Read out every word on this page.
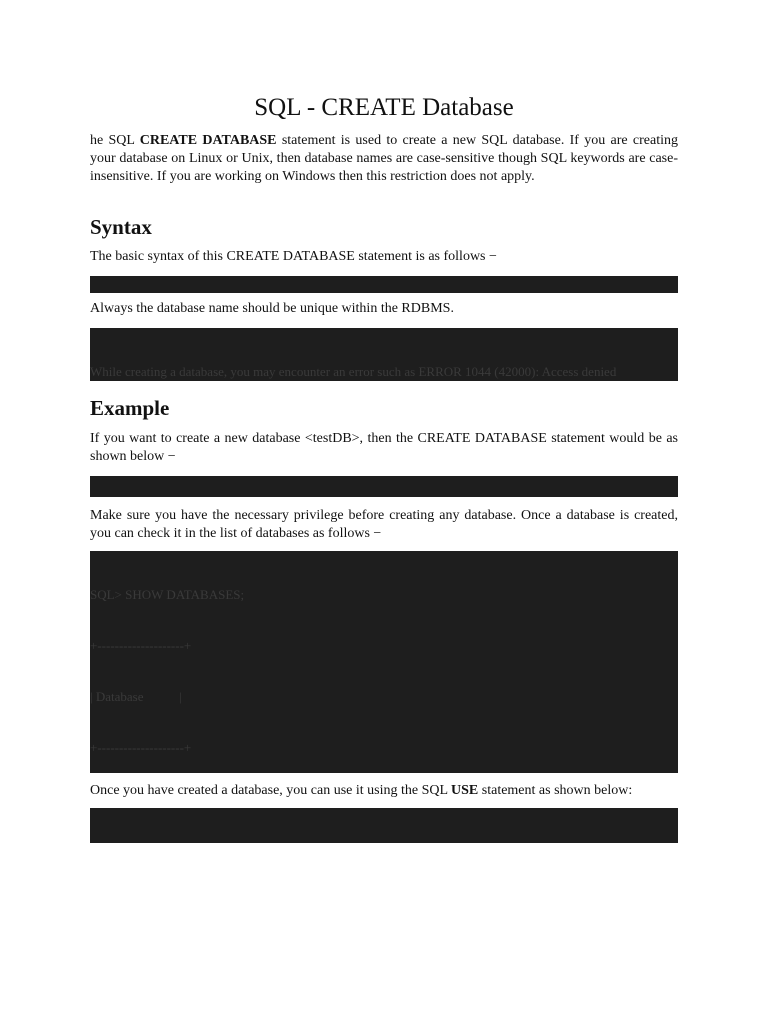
SQL - CREATE Database

he SQL CREATE DATABASE statement is used to create a new SQL database. If you are creating your database on Linux or Unix, then database names are case-sensitive though SQL keywords are case-insensitive. If you are working on Windows then this restriction does not apply.

Syntax

The basic syntax of this CREATE DATABASE statement is as follows −

Always the database name should be unique within the RDBMS.

While creating a database, you may encounter an error such as ERROR 1044 (42000): Access denied

Example

If you want to create a new database <testDB>, then the CREATE DATABASE statement would be as shown below −

Make sure you have the necessary privilege before creating any database. Once a database is created, you can check it in the list of databases as follows −

SQL> SHOW DATABASES;

+--------------------+

| Database           |

+--------------------+

Once you have created a database, you can use it using the SQL USE statement as shown below:
